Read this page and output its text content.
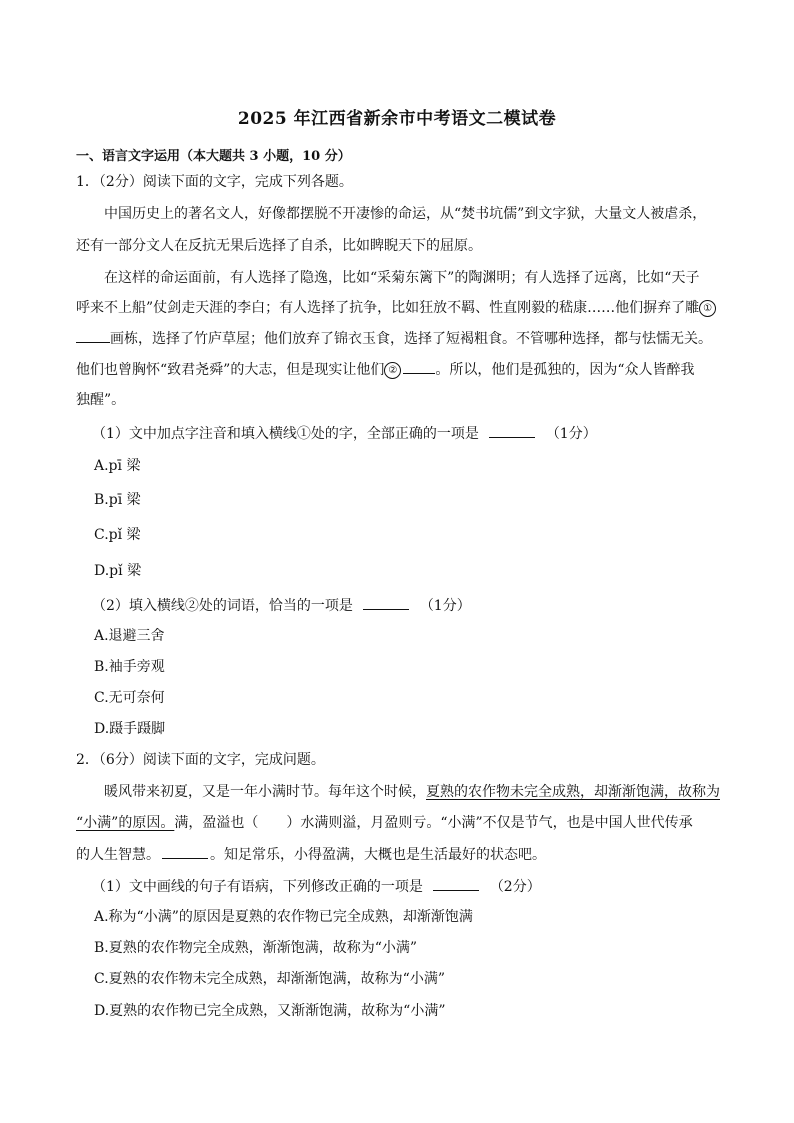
2025 年江西省新余市中考语文二模试卷
一、语言文字运用（本大题共 3 小题，10 分）
1．（2分）阅读下面的文字，完成下列各题。
中国历史上的著名文人，好像都摆脱不开凄惨的命运，从“焚书坑儒”到文字狱，大量文人被虐杀，
还有一部分文人在反抗无果后选择了自杀，比如睥睨天下的屈原。
在这样的命运面前，有人选择了隐逸，比如“采菊东篱下”的陶渊明；有人选择了远离，比如“天子
呼来不上船”仗剑走天涯的李白；有人选择了抗争，比如狂放不羁、性直刚毅的嵇康……他们摒弃了雕 ①
画栋，选择了竹庐草屋；他们放弃了锦衣玉食，选择了短褐粗食。不管哪种选择，都与怯懦无关。
他们也曾胸怀“致君尧舜”的大志，但是现实让他们 ②	。所以，他们是孤独的，因为“众人皆醉我
独醒”。
（1）文中加点字注音和填入横线①处的字，全部正确的一项是	（1分）
A.pī 梁
B.pī 梁
C.pǐ 梁
D.pǐ 梁
（2）填入横线②处的词语，恰当的一项是	（1分）
A.退避三舍
B.袖手旁观
C.无可奈何
D.蹑手蹑脚
2．（6分）阅读下面的文字，完成问题。
暖风带来初夏，又是一年小满时节。每年这个时候，夏熟的农作物未完全成熟，却渐渐饱满，故称为
“小满”的原因。满，盈溢也（　　）水满则溢，月盈则亏。“小满”不仅是节气，也是中国人世代传承
的人生智慧。	。知足常乐，小得盈满，大概也是生活最好的状态吧。
（1）文中画线的句子有语病，下列修改正确的一项是	（2分）
A.称为“小满”的原因是夏熟的农作物已完全成熟，却渐渐饱满
B.夏熟的农作物完全成熟，渐渐饱满，故称为“小满”
C.夏熟的农作物未完全成熟，却渐渐饱满，故称为“小满”
D.夏熟的农作物已完全成熟，又渐渐饱满，故称为“小满”
